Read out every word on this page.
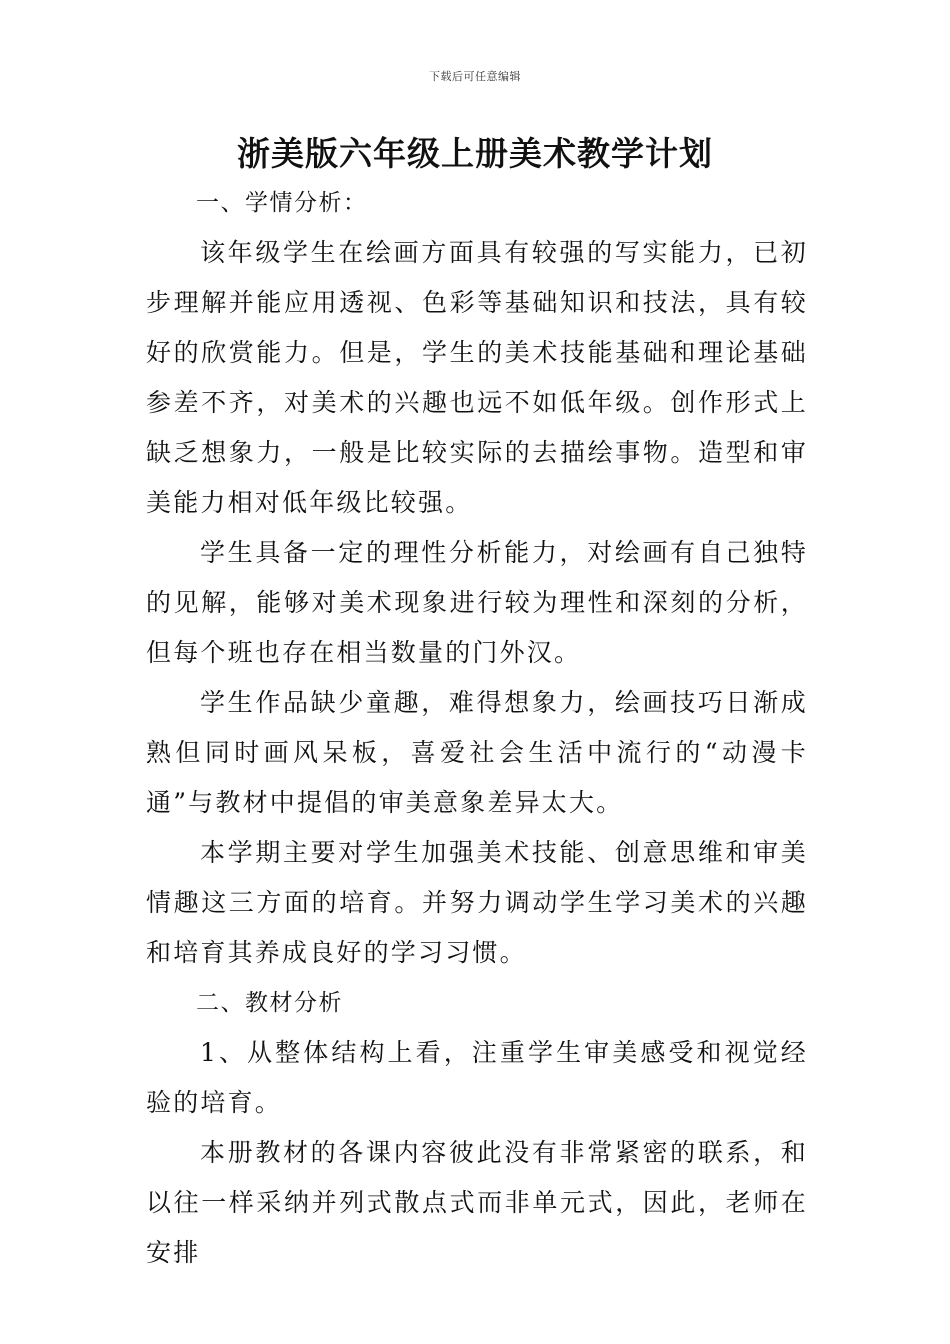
下载后可任意编辑
浙美版六年级上册美术教学计划

一、学情分析：

该年级学生在绘画方面具有较强的写实能力，已初步理解并能应用透视、色彩等基础知识和技法，具有较好的欣赏能力。但是，学生的美术技能基础和理论基础参差不齐，对美术的兴趣也远不如低年级。创作形式上缺乏想象力，一般是比较实际的去描绘事物。造型和审美能力相对低年级比较强。

学生具备一定的理性分析能力，对绘画有自己独特的见解，能够对美术现象进行较为理性和深刻的分析，但每个班也存在相当数量的门外汉。

学生作品缺少童趣，难得想象力，绘画技巧日渐成熟但同时画风呆板，喜爱社会生活中流行的“动漫卡通”与教材中提倡的审美意象差异太大。

本学期主要对学生加强美术技能、创意思维和审美情趣这三方面的培育。并努力调动学生学习美术的兴趣和培育其养成良好的学习习惯。

二、教材分析

1、从整体结构上看，注重学生审美感受和视觉经验的培育。

本册教材的各课内容彼此没有非常紧密的联系，和以往一样采纳并列式散点式而非单元式，因此，老师在安排
